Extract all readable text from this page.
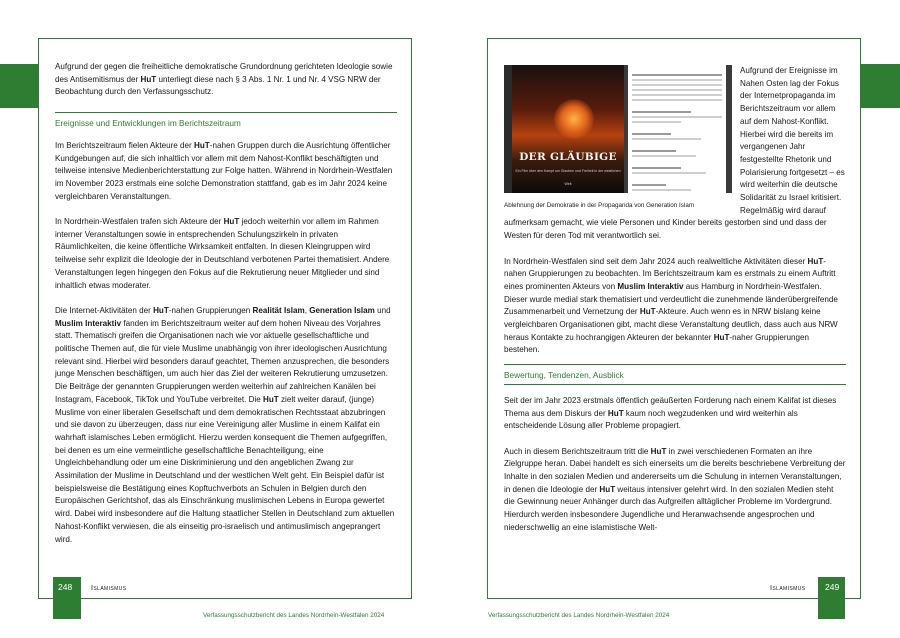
Aufgrund der gegen die freiheitliche demokratische Grundordnung gerichteten Ideologie sowie des Antisemitismus der HuT unterliegt diese nach § 3 Abs. 1 Nr. 1 und Nr. 4 VSG NRW der Beobachtung durch den Verfassungsschutz.

Ereignisse und Entwicklungen im Berichtszeitraum

Im Berichtszeitraum fielen Akteure der HuT-nahen Gruppen durch die Ausrichtung öffentlicher Kundgebungen auf, die sich inhaltlich vor allem mit dem Nahost-Konflikt beschäftigten und teilweise intensive Medienberichterstattung zur Folge hatten. Während in Nordrhein-Westfalen im November 2023 erstmals eine solche Demonstration stattfand, gab es im Jahr 2024 keine vergleichbaren Veranstaltungen.

In Nordrhein-Westfalen trafen sich Akteure der HuT jedoch weiterhin vor allem im Rahmen interner Veranstaltungen sowie in entsprechenden Schulungszirkeln in privaten Räumlichkeiten, die keine öffentliche Wirksamkeit entfalten. In diesen Kleingruppen wird teilweise sehr explizit die Ideologie der in Deutschland verbotenen Partei thematisiert. Andere Veranstaltungen legen hingegen den Fokus auf die Rekrutierung neuer Mitglieder und sind inhaltlich etwas moderater.

Die Internet-Aktivitäten der HuT-nahen Gruppierungen Realität Islam, Generation Islam und Muslim Interaktiv fanden im Berichtszeitraum weiter auf dem hohen Niveau des Vorjahres statt. Thematisch greifen die Organisationen nach wie vor aktuelle gesellschaftliche und politische Themen auf, die für viele Muslime unabhängig von ihrer ideologischen Ausrichtung relevant sind. Hierbei wird besonders darauf geachtet, Themen anzusprechen, die besonders junge Menschen beschäftigen, um auch hier das Ziel der weiteren Rekrutierung umzusetzen. Die Beiträge der genannten Gruppierungen werden weiterhin auf zahlreichen Kanälen bei Instagram, Facebook, TikTok und YouTube verbreitet. Die HuT zielt weiter darauf, (junge) Muslime von einer liberalen Gesellschaft und dem demokratischen Rechtsstaat abzubringen und sie davon zu überzeugen, dass nur eine Vereinigung aller Muslime in einem Kalifat ein wahrhaft islamisches Leben ermöglicht. Hierzu werden konsequent die Themen aufgegriffen, bei denen es um eine vermeintliche gesellschaftliche Benachteiligung, eine Ungleichbehandlung oder um eine Diskriminierung und den angeblichen Zwang zur Assimilation der Muslime in Deutschland und der westlichen Welt geht. Ein Beispiel dafür ist beispielsweise die Bestätigung eines Kopftuchverbots an Schulen in Belgien durch den Europäischen Gerichtshof, das als Einschränkung muslimischen Lebens in Europa gewertet wird. Dabei wird insbesondere auf die Haltung staatlicher Stellen in Deutschland zum aktuellen Nahost-Konflikt verwiesen, die als einseitig pro-israelisch und antimuslimisch angeprangert wird.

DER GLÄUBIGE
Ein Film über den Kampf um Glauben und Freiheit in der westlichen Welt
Ablehnung der Demokratie in der Propaganda von Generation Islam

Aufgrund der Ereignisse im Nahen Osten lag der Fokus der Internetpropaganda im Berichtszeitraum vor allem auf dem Nahost-Konflikt. Hierbei wird die bereits im vergangenen Jahr festgestellte Rhetorik und Polarisierung fortgesetzt – es wird weiterhin die deutsche Solidarität zu Israel kritisiert. Regelmäßig wird darauf aufmerksam gemacht, wie viele Personen und Kinder bereits gestorben sind und dass der Westen für deren Tod mit verantwortlich sei.

In Nordrhein-Westfalen sind seit dem Jahr 2024 auch realweltliche Aktivitäten dieser HuT-nahen Gruppierungen zu beobachten. Im Berichtszeitraum kam es erstmals zu einem Auftritt eines prominenten Akteurs von Muslim Interaktiv aus Hamburg in Nordrhein-Westfalen. Dieser wurde medial stark thematisiert und verdeutlicht die zunehmende länderübergreifende Zusammenarbeit und Vernetzung der HuT-Akteure. Auch wenn es in NRW bislang keine vergleichbaren Organisationen gibt, macht diese Veranstaltung deutlich, dass auch aus NRW heraus Kontakte zu hochrangigen Akteuren der bekannter HuT-naher Gruppierungen bestehen.

Bewertung, Tendenzen, Ausblick

Seit der im Jahr 2023 erstmals öffentlich geäußerten Forderung nach einem Kalifat ist dieses Thema aus dem Diskurs der HuT kaum noch wegzudenken und wird weiterhin als entscheidende Lösung aller Probleme propagiert.

Auch in diesem Berichtszeitraum tritt die HuT in zwei verschiedenen Formaten an ihre Zielgruppe heran. Dabei handelt es sich einerseits um die bereits beschriebene Verbreitung der Inhalte in den sozialen Medien und andererseits um die Schulung in internen Veranstaltungen, in denen die Ideologie der HuT weitaus intensiver gelehrt wird. In den sozialen Medien steht die Gewinnung neuer Anhänger durch das Aufgreifen alltäglicher Probleme im Vordergrund. Hierdurch werden insbesondere Jugendliche und Heranwachsende angesprochen und niederschwellig an eine islamistische Welt-

248	249
Islamismus	Islamismus
Verfassungsschutzbericht des Landes Nordrhein-Westfalen 2024	Verfassungsschutzbericht des Landes Nordrhein-Westfalen 2024
